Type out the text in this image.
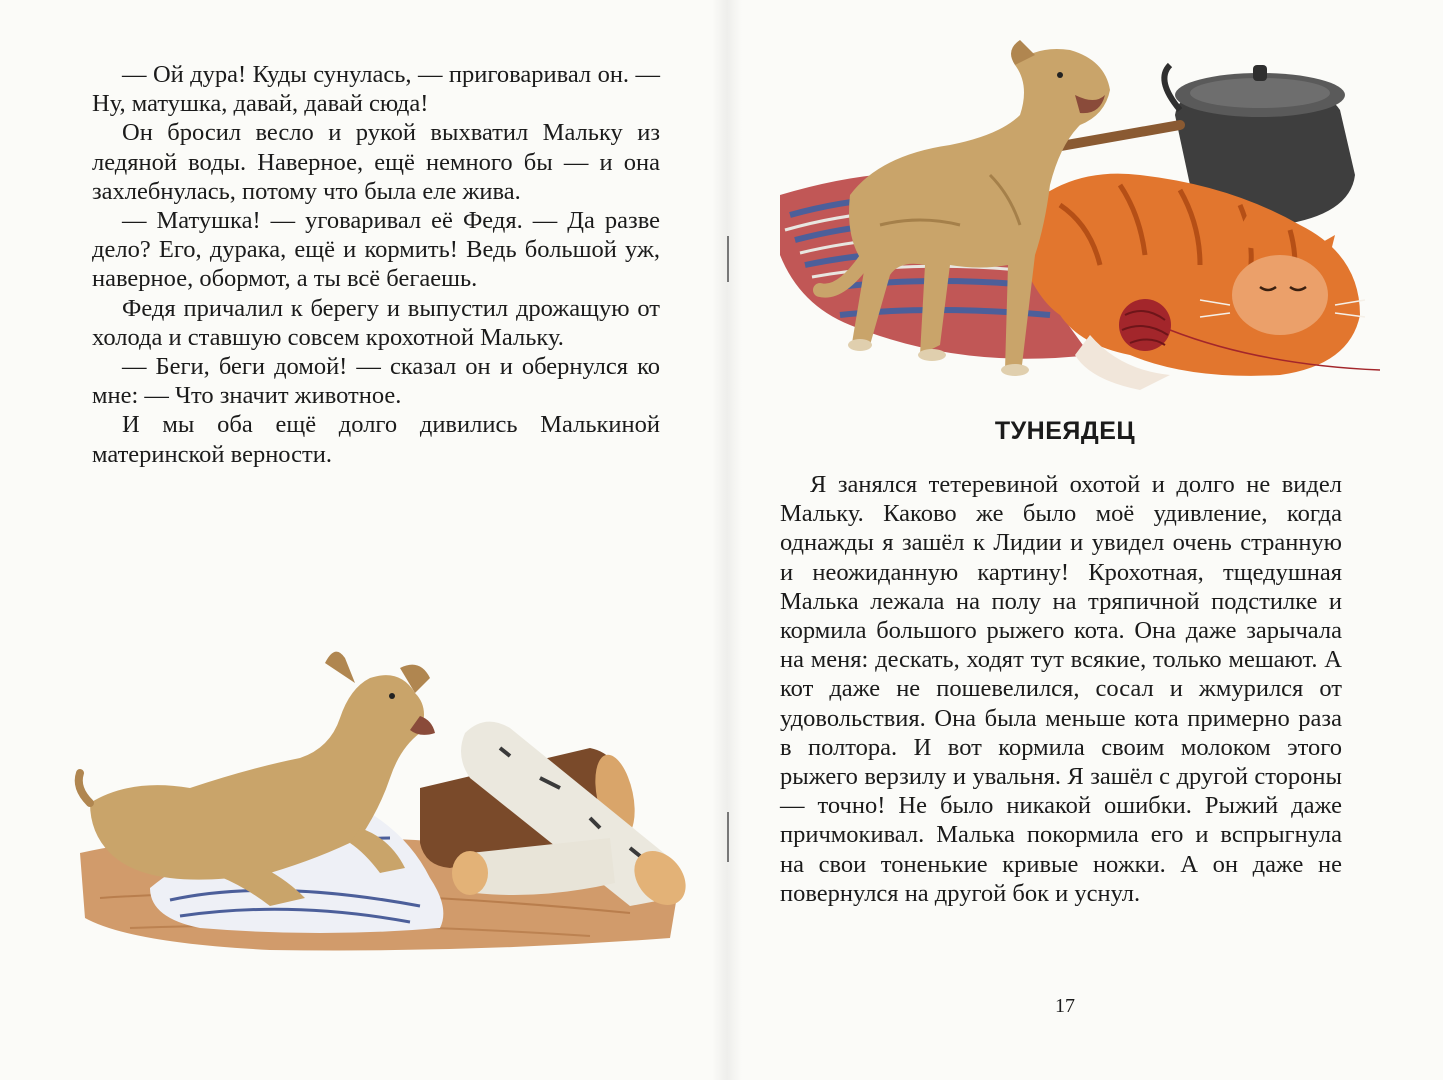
— Ой дура! Куды сунулась, — приговаривал он. — Ну, матушка, давай, давай сюда!

Он бросил весло и рукой выхватил Мальку из ледяной воды. Наверное, ещё немного бы — и она захлебнулась, потому что была еле жива.

— Матушка! — уговаривал её Федя. — Да разве дело? Его, дурака, ещё и кормить! Ведь большой уж, наверное, обормот, а ты всё бегаешь.

Федя причалил к берегу и выпустил дрожащую от холода и ставшую совсем крохотной Мальку.

— Беги, беги домой! — сказал он и обернулся ко мне: — Что значит животное.

И мы оба ещё долго дивились Малькиной материнской верности.

ТУНЕЯДЕЦ

Я занялся тетеревиной охотой и долго не видел Мальку. Каково же было моё удивление, когда однажды я зашёл к Лидии и увидел очень странную и неожиданную картину! Крохотная, тщедушная Малька лежала на полу на тряпичной подстилке и кормила большого рыжего кота. Она даже зарычала на меня: дескать, ходят тут всякие, только мешают. А кот даже не пошевелился, сосал и жмурился от удовольствия. Она была меньше кота примерно раза в полтора. И вот кормила своим молоком этого рыжего верзилу и увальня. Я зашёл с другой стороны — точно! Не было никакой ошибки. Рыжий даже причмокивал. Малька покормила его и вспрыгнула на свои тоненькие кривые ножки. А он даже не повернулся на другой бок и уснул.

17
